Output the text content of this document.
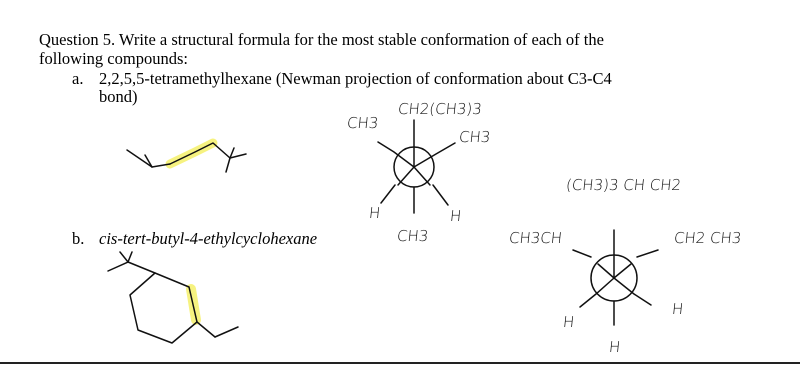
Question 5. Write a structural formula for the most stable conformation of each of the
following compounds:
a. 2,2,5,5-tetramethylhexane (Newman projection of conformation about C3-C4
bond)
b. cis-tert-butyl-4-ethylcyclohexane
CH2(CH3)3
CH3
CH3
H	H
CH3
(CH3)3 CH CH2
CH3CH	CH2 CH3
H
H
H
